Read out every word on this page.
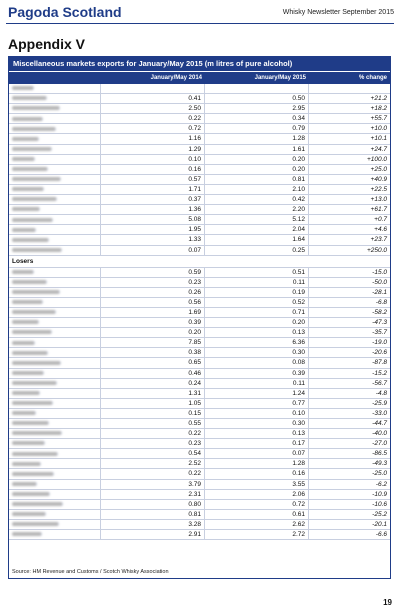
Pagoda Scotland	Whisky Newsletter September 2015
Appendix V
Miscellaneous markets exports for January/May 2015 (m litres of pure alcohol)
January/May 2014	January/May 2015	% change
0.41	0.50	+21.2
2.50	2.95	+18.2
0.22	0.34	+55.7
0.72	0.79	+10.0
1.16	1.28	+10.1
1.29	1.61	+24.7
0.10	0.20	+100.0
0.16	0.20	+25.0
0.57	0.81	+40.9
1.71	2.10	+22.5
0.37	0.42	+13.0
1.36	2.20	+61.7
5.08	5.12	+0.7
1.95	2.04	+4.6
1.33	1.64	+23.7
0.07	0.25	+250.0
Losers
0.59	0.51	-15.0
0.23	0.11	-50.0
0.26	0.19	-28.1
0.56	0.52	-6.8
1.69	0.71	-58.2
0.39	0.20	-47.3
0.20	0.13	-35.7
7.85	6.36	-19.0
0.38	0.30	-20.6
0.65	0.08	-87.8
0.46	0.39	-15.2
0.24	0.11	-56.7
1.31	1.24	-4.8
1.05	0.77	-25.9
0.15	0.10	-33.0
0.55	0.30	-44.7
0.22	0.13	-40.0
0.23	0.17	-27.0
0.54	0.07	-86.5
2.52	1.28	-49.3
0.22	0.16	-25.0
3.79	3.55	-6.2
2.31	2.06	-10.9
0.80	0.72	-10.6
0.81	0.61	-25.2
3.28	2.62	-20.1
2.91	2.72	-6.6
Source: HM Revenue and Customs / Scotch Whisky Association
19
